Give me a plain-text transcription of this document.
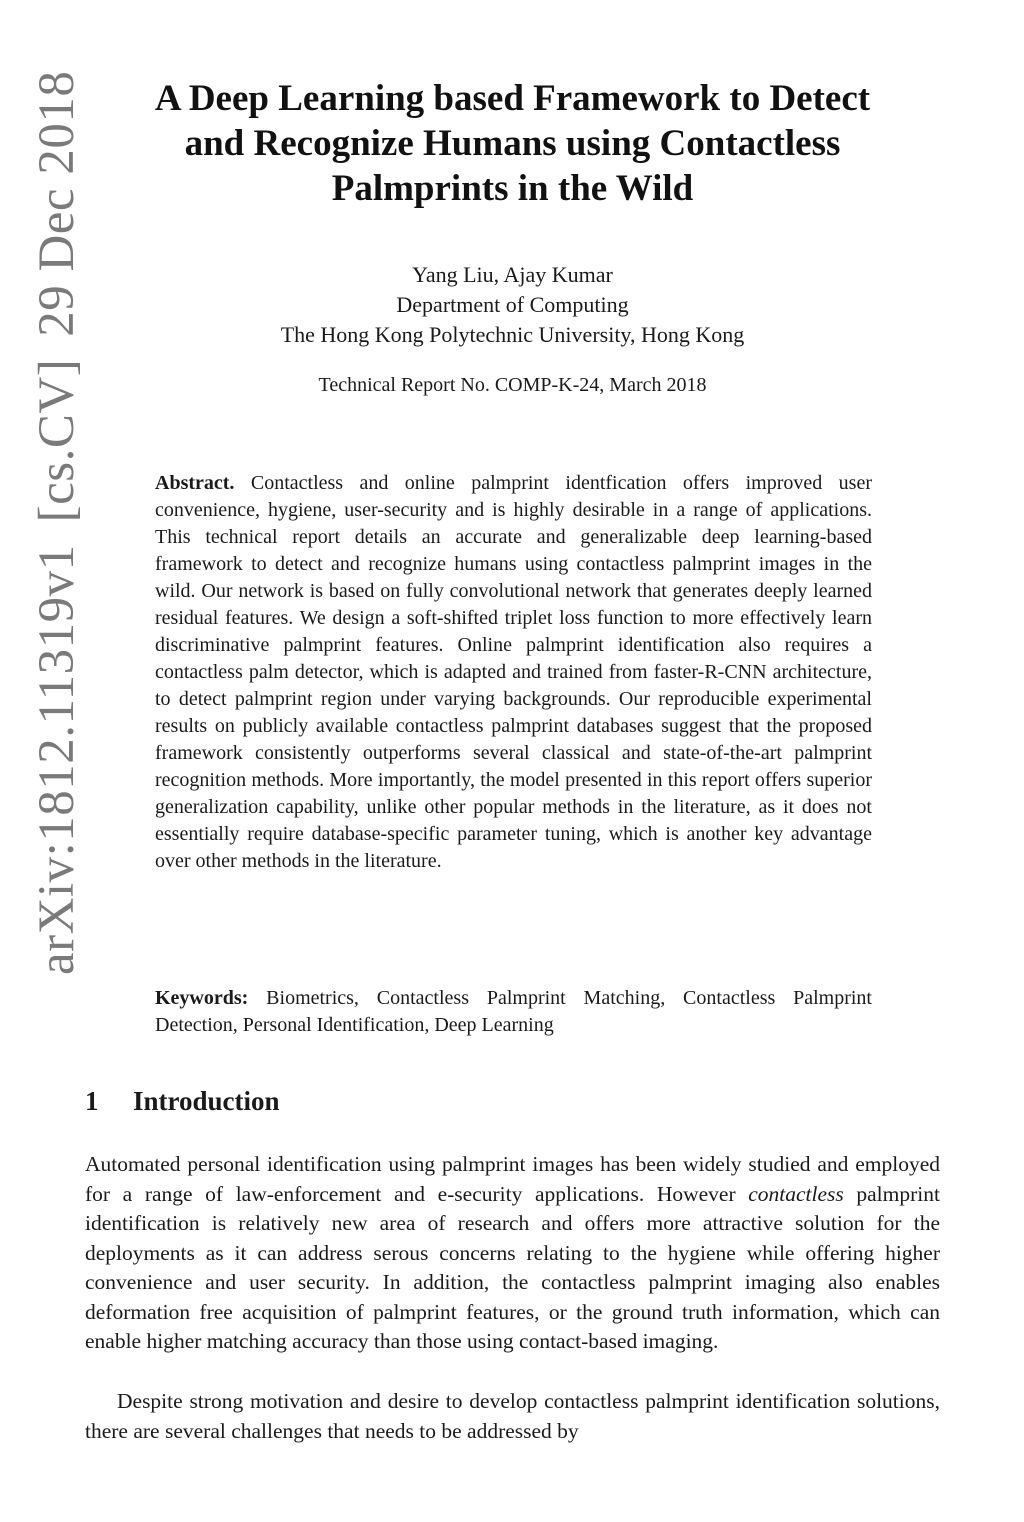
arXiv:1812.11319v1[cs.CV]29 Dec 2018	A Deep Learning based Framework to Detect
and Recognize Humans using Contactless
Palmprints in the Wild
Yang Liu, Ajay Kumar
Department of Computing
The Hong Kong Polytechnic University, Hong Kong
Technical Report No. COMP-K-24, March 2018
Abstract. Contactless and online palmprint identfication offers improved user convenience, hygiene, user-security and is highly desirable in a range of applications. This technical report details an accurate and generalizable deep learning-based framework to detect and recognize humans using contactless palmprint images in the wild. Our network is based on fully convolutional network that generates deeply learned residual features. We design a soft-shifted triplet loss function to more effectively learn discriminative palmprint features. Online palmprint identification also requires a contactless palm detector, which is adapted and trained from faster-R-CNN architecture, to detect palmprint region under varying backgrounds. Our reproducible experimental results on publicly available contactless palmprint databases suggest that the proposed framework consistently outperforms several classical and state-of-the-art palmprint recognition methods. More importantly, the model presented in this report offers superior generalization capability, unlike other popular methods in the literature, as it does not essentially require database-specific parameter tuning, which is another key advantage over other methods in the literature.
Keywords: Biometrics, Contactless Palmprint Matching, Contactless Palmprint Detection, Personal Identification, Deep Learning
1 Introduction
Automated personal identification using palmprint images has been widely studied and employed for a range of law-enforcement and e-security applications. However contactless palmprint identification is relatively new area of research and offers more attractive solution for the deployments as it can address serous concerns relating to the hygiene while offering higher convenience and user security. In addition, the contactless palmprint imaging also enables deformation free acquisition of palmprint features, or the ground truth information, which can enable higher matching accuracy than those using contact-based imaging.
Despite strong motivation and desire to develop contactless palmprint identification solutions, there are several challenges that needs to be addressed by
